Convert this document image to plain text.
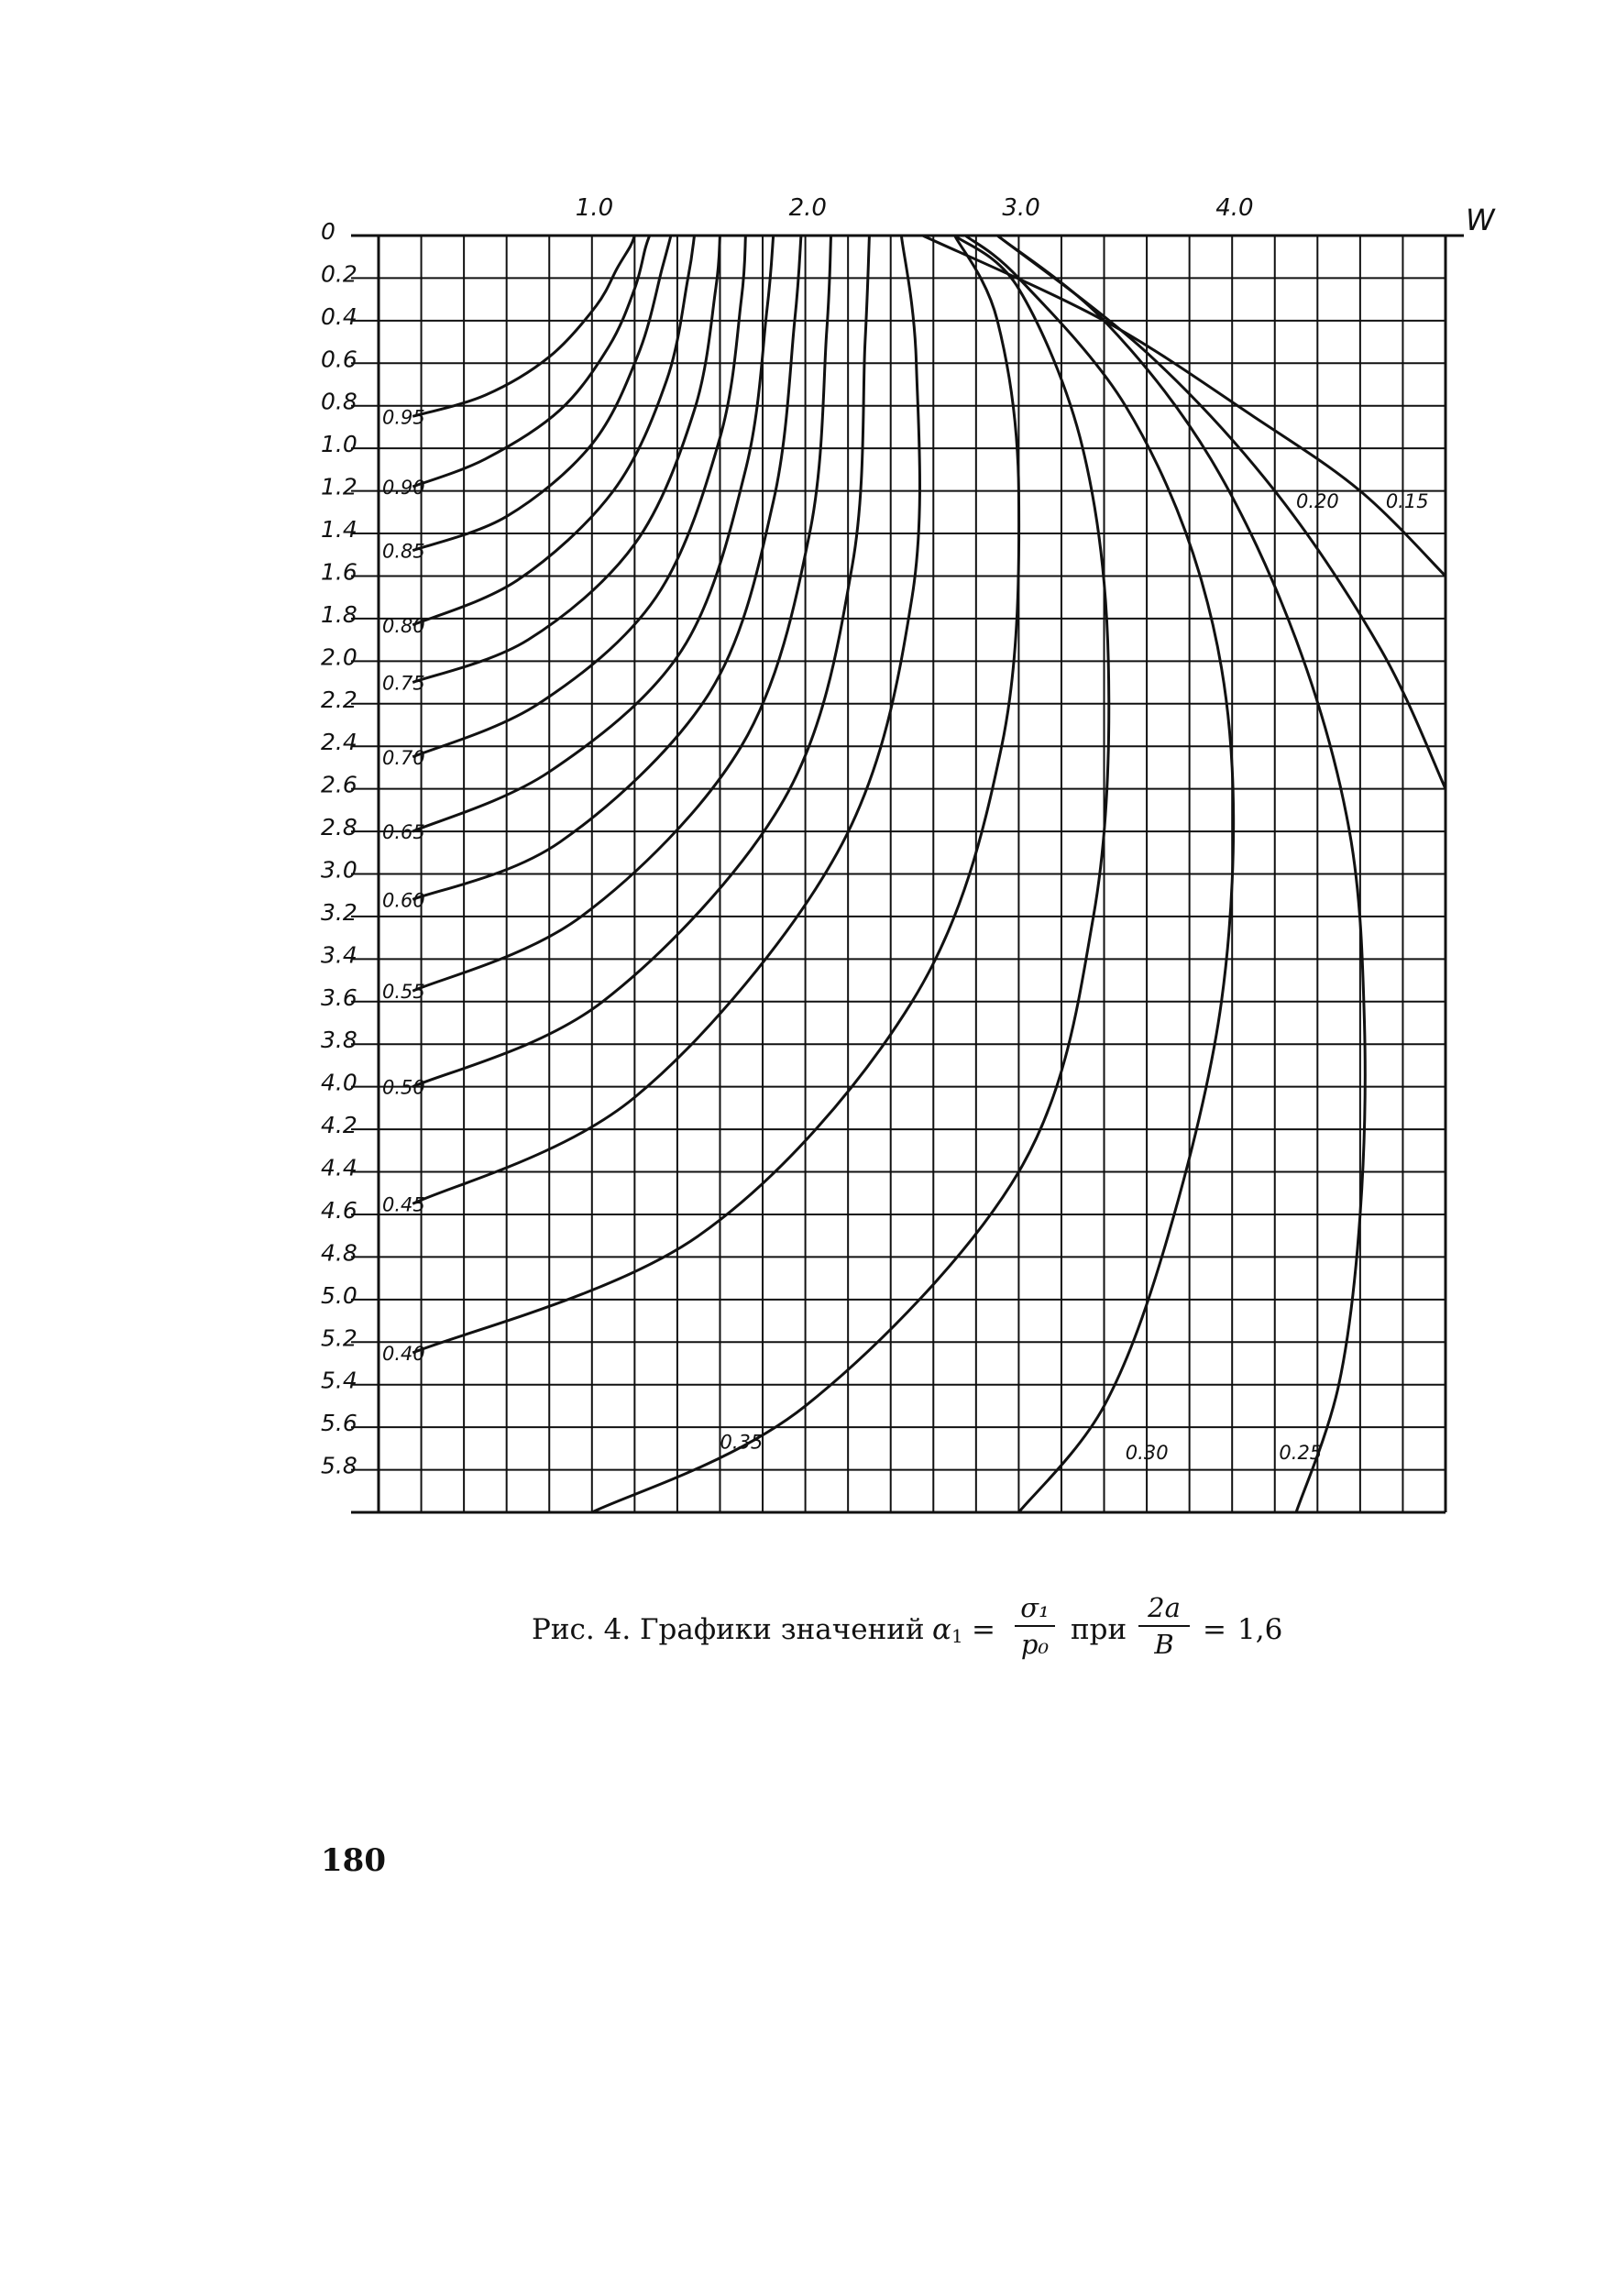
1.0	2.0	3.0	4.0
0
0.2
0.4
0.6
0.8
1.0
1.2
1.4
1.6
1.8
2.0
2.2
2.4
2.6
2.8
3.0
3.2
3.4
3.6
3.8
4.0
4.2
4.4
4.6
4.8
5.0
5.2
5.4
5.6
5.8
0.95
0.90
0.85
0.80
0.75
0.70
0.65
0.60
0.55
0.50
0.45
0.40
0.35	0.30	0.25
0.20 0.15
W
Рис. 4. Графики значений α 1 =
σ₁
p₀ при
2a
B	= 1,6
180
